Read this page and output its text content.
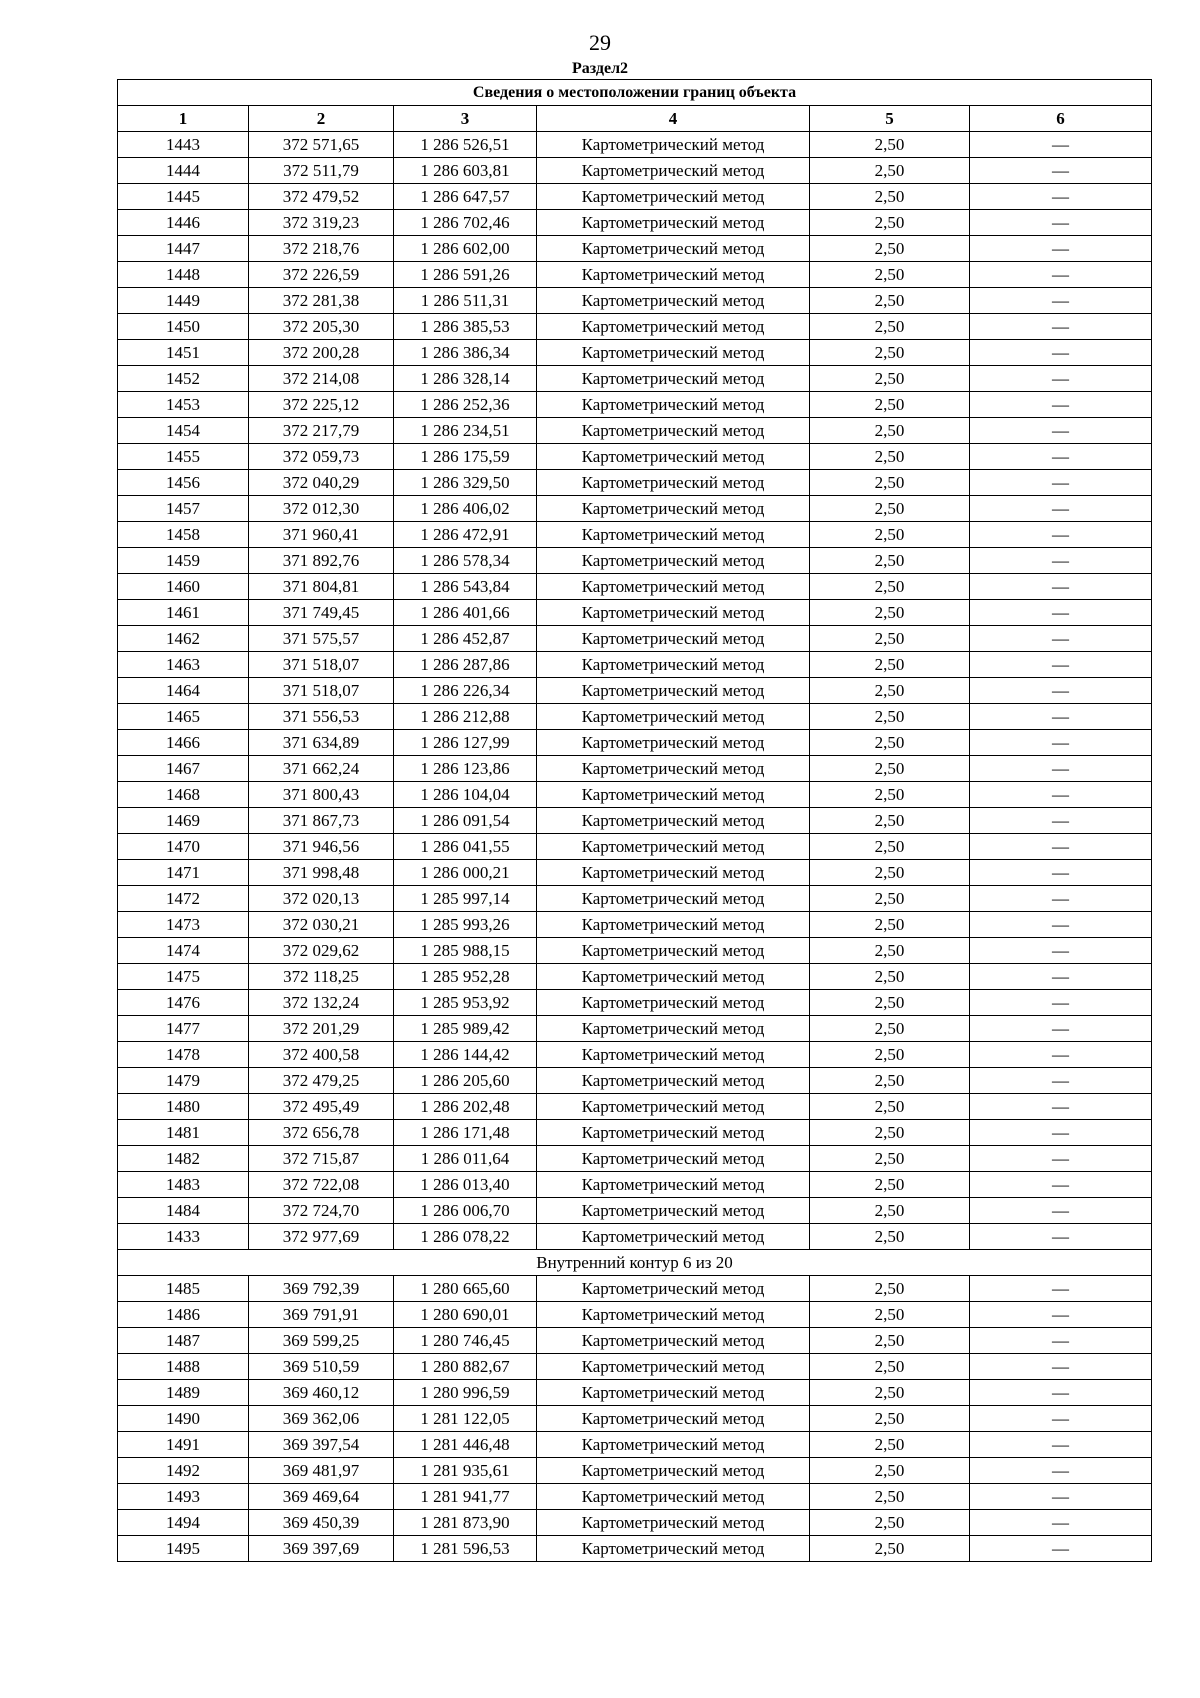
29
Раздел2
Сведения о местоположении границ объекта					
1	2	3	4	5	6
1443	372 571,65	1 286 526,51	Картометрический метод	2,50	—
1444	372 511,79	1 286 603,81	Картометрический метод	2,50	—
1445	372 479,52	1 286 647,57	Картометрический метод	2,50	—
1446	372 319,23	1 286 702,46	Картометрический метод	2,50	—
1447	372 218,76	1 286 602,00	Картометрический метод	2,50	—
1448	372 226,59	1 286 591,26	Картометрический метод	2,50	—
1449	372 281,38	1 286 511,31	Картометрический метод	2,50	—
1450	372 205,30	1 286 385,53	Картометрический метод	2,50	—
1451	372 200,28	1 286 386,34	Картометрический метод	2,50	—
1452	372 214,08	1 286 328,14	Картометрический метод	2,50	—
1453	372 225,12	1 286 252,36	Картометрический метод	2,50	—
1454	372 217,79	1 286 234,51	Картометрический метод	2,50	—
1455	372 059,73	1 286 175,59	Картометрический метод	2,50	—
1456	372 040,29	1 286 329,50	Картометрический метод	2,50	—
1457	372 012,30	1 286 406,02	Картометрический метод	2,50	—
1458	371 960,41	1 286 472,91	Картометрический метод	2,50	—
1459	371 892,76	1 286 578,34	Картометрический метод	2,50	—
1460	371 804,81	1 286 543,84	Картометрический метод	2,50	—
1461	371 749,45	1 286 401,66	Картометрический метод	2,50	—
1462	371 575,57	1 286 452,87	Картометрический метод	2,50	—
1463	371 518,07	1 286 287,86	Картометрический метод	2,50	—
1464	371 518,07	1 286 226,34	Картометрический метод	2,50	—
1465	371 556,53	1 286 212,88	Картометрический метод	2,50	—
1466	371 634,89	1 286 127,99	Картометрический метод	2,50	—
1467	371 662,24	1 286 123,86	Картометрический метод	2,50	—
1468	371 800,43	1 286 104,04	Картометрический метод	2,50	—
1469	371 867,73	1 286 091,54	Картометрический метод	2,50	—
1470	371 946,56	1 286 041,55	Картометрический метод	2,50	—
1471	371 998,48	1 286 000,21	Картометрический метод	2,50	—
1472	372 020,13	1 285 997,14	Картометрический метод	2,50	—
1473	372 030,21	1 285 993,26	Картометрический метод	2,50	—
1474	372 029,62	1 285 988,15	Картометрический метод	2,50	—
1475	372 118,25	1 285 952,28	Картометрический метод	2,50	—
1476	372 132,24	1 285 953,92	Картометрический метод	2,50	—
1477	372 201,29	1 285 989,42	Картометрический метод	2,50	—
1478	372 400,58	1 286 144,42	Картометрический метод	2,50	—
1479	372 479,25	1 286 205,60	Картометрический метод	2,50	—
1480	372 495,49	1 286 202,48	Картометрический метод	2,50	—
1481	372 656,78	1 286 171,48	Картометрический метод	2,50	—
1482	372 715,87	1 286 011,64	Картометрический метод	2,50	—
1483	372 722,08	1 286 013,40	Картометрический метод	2,50	—
1484	372 724,70	1 286 006,70	Картометрический метод	2,50	—
1433	372 977,69	1 286 078,22	Картометрический метод	2,50	—
Внутренний контур 6 из 20					
1485	369 792,39	1 280 665,60	Картометрический метод	2,50	—
1486	369 791,91	1 280 690,01	Картометрический метод	2,50	—
1487	369 599,25	1 280 746,45	Картометрический метод	2,50	—
1488	369 510,59	1 280 882,67	Картометрический метод	2,50	—
1489	369 460,12	1 280 996,59	Картометрический метод	2,50	—
1490	369 362,06	1 281 122,05	Картометрический метод	2,50	—
1491	369 397,54	1 281 446,48	Картометрический метод	2,50	—
1492	369 481,97	1 281 935,61	Картометрический метод	2,50	—
1493	369 469,64	1 281 941,77	Картометрический метод	2,50	—
1494	369 450,39	1 281 873,90	Картометрический метод	2,50	—
1495	369 397,69	1 281 596,53	Картометрический метод	2,50	—
